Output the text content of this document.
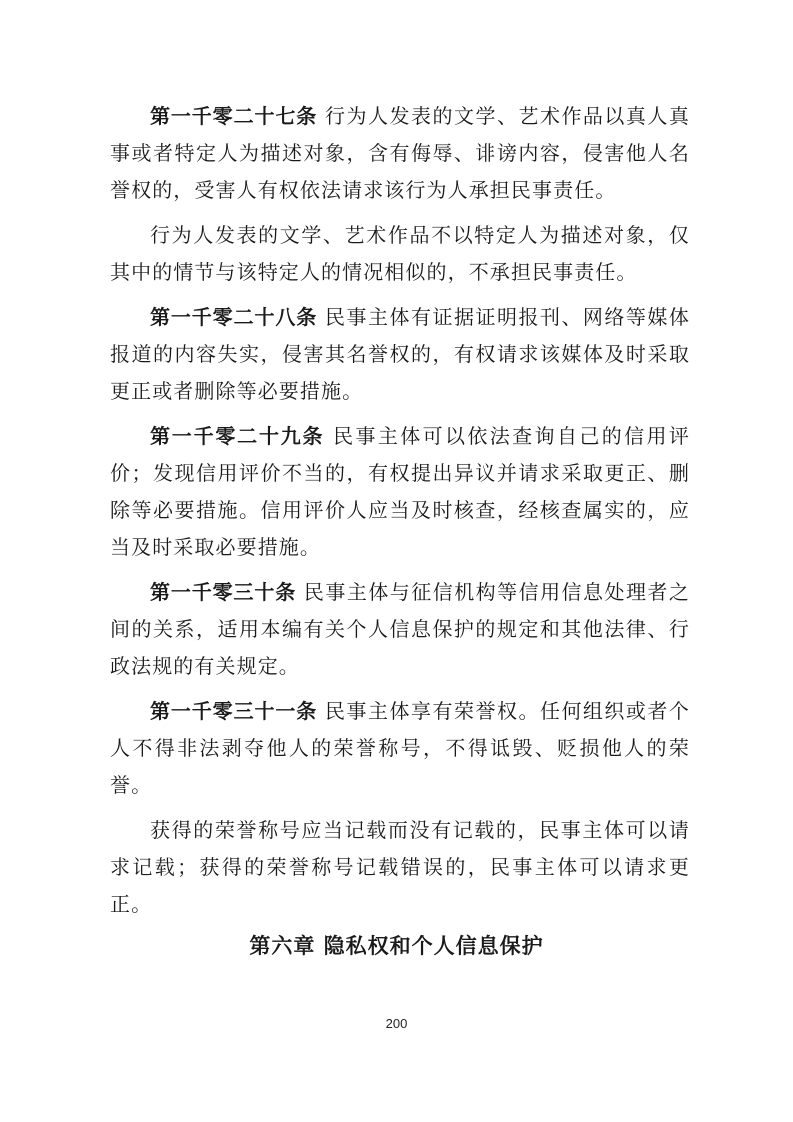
第一千零二十七条 行为人发表的文学、艺术作品以真人真事或者特定人为描述对象，含有侮辱、诽谤内容，侵害他人名誉权的，受害人有权依法请求该行为人承担民事责任。

行为人发表的文学、艺术作品不以特定人为描述对象，仅其中的情节与该特定人的情况相似的，不承担民事责任。

第一千零二十八条 民事主体有证据证明报刊、网络等媒体报道的内容失实，侵害其名誉权的，有权请求该媒体及时采取更正或者删除等必要措施。

第一千零二十九条 民事主体可以依法查询自己的信用评价；发现信用评价不当的，有权提出异议并请求采取更正、删除等必要措施。信用评价人应当及时核查，经核查属实的，应当及时采取必要措施。

第一千零三十条 民事主体与征信机构等信用信息处理者之间的关系，适用本编有关个人信息保护的规定和其他法律、行政法规的有关规定。

第一千零三十一条 民事主体享有荣誉权。任何组织或者个人不得非法剥夺他人的荣誉称号，不得诋毁、贬损他人的荣誉。

获得的荣誉称号应当记载而没有记载的，民事主体可以请求记载；获得的荣誉称号记载错误的，民事主体可以请求更正。

第六章 隐私权和个人信息保护
200
